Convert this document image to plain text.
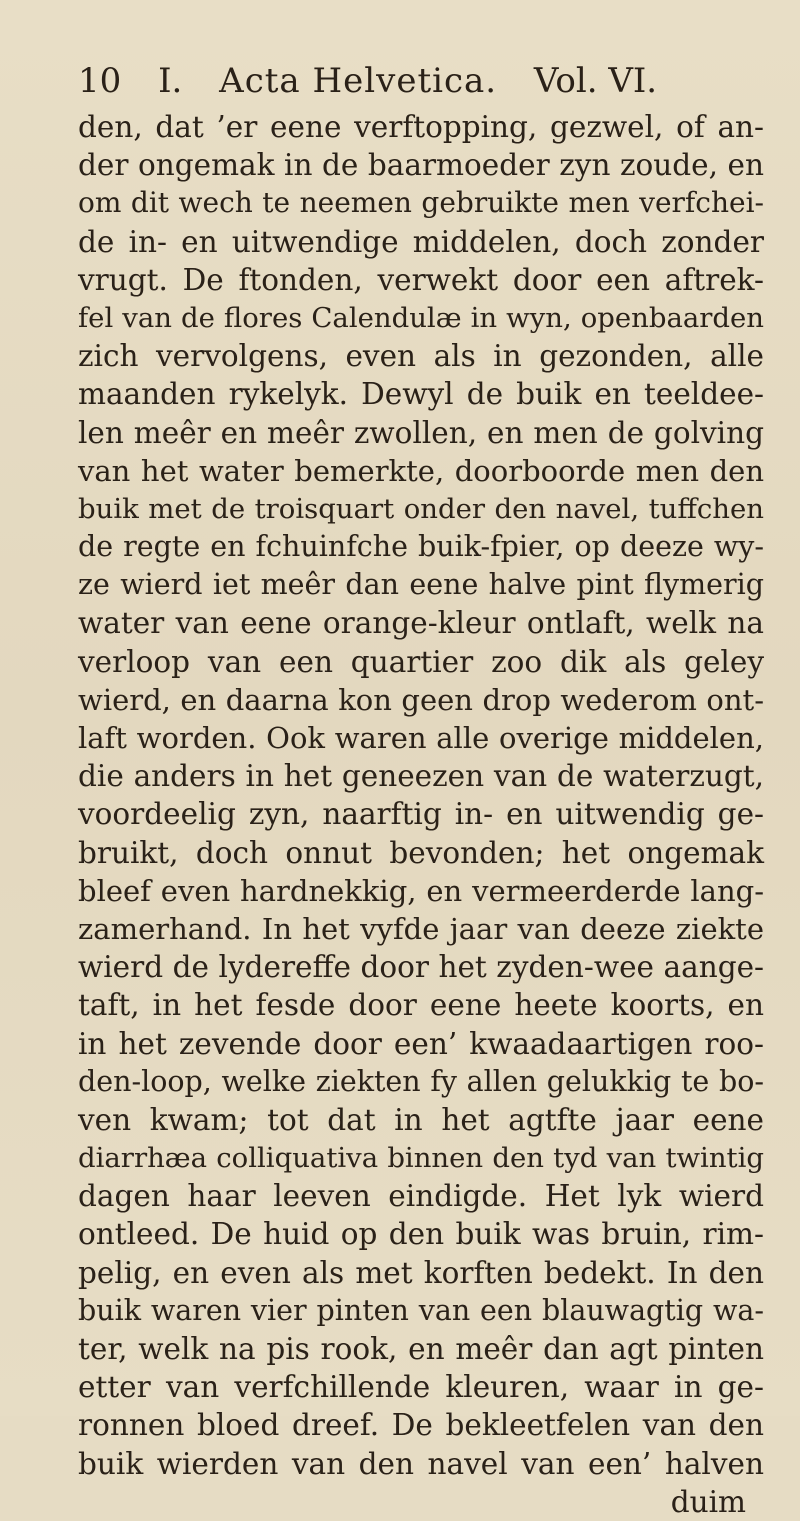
10 I. Acta Helvetica. Vol. VI.
den, dat ’er eene verftopping, gezwel, of an-
der ongemak in de baarmoeder zyn zoude, en
om dit wech te neemen gebruikte men verfchei-
de in- en uitwendige middelen, doch zonder
vrugt. De ftonden, verwekt door een aftrek-
fel van de flores Calendulæ in wyn, openbaarden
zich vervolgens, even als in gezonden, alle
maanden rykelyk. Dewyl de buik en teeldee-
len meêr en meêr zwollen, en men de golving
van het water bemerkte, doorboorde men den
buik met de troisquart onder den navel, tuffchen
de regte en fchuinfche buik-fpier, op deeze wy-
ze wierd iet meêr dan eene halve pint flymerig
water van eene orange-kleur ontlaft, welk na
verloop van een quartier zoo dik als geley
wierd, en daarna kon geen drop wederom ont-
laft worden. Ook waren alle overige middelen,
die anders in het geneezen van de waterzugt,
voordeelig zyn, naarftig in- en uitwendig ge-
bruikt, doch onnut bevonden; het ongemak
bleef even hardnekkig, en vermeerderde lang-
zamerhand. In het vyfde jaar van deeze ziekte
wierd de lydereffe door het zyden-wee aange-
taft, in het fesde door eene heete koorts, en
in het zevende door een’ kwaadaartigen roo-
den-loop, welke ziekten fy allen gelukkig te bo-
ven kwam; tot dat in het agtfte jaar eene
diarrhæa colliquativa binnen den tyd van twintig
dagen haar leeven eindigde. Het lyk wierd
ontleed. De huid op den buik was bruin, rim-
pelig, en even als met korften bedekt. In den
buik waren vier pinten van een blauwagtig wa-
ter, welk na pis rook, en meêr dan agt pinten
etter van verfchillende kleuren, waar in ge-
ronnen bloed dreef. De bekleetfelen van den
buik wierden van den navel van een’ halven
duim
